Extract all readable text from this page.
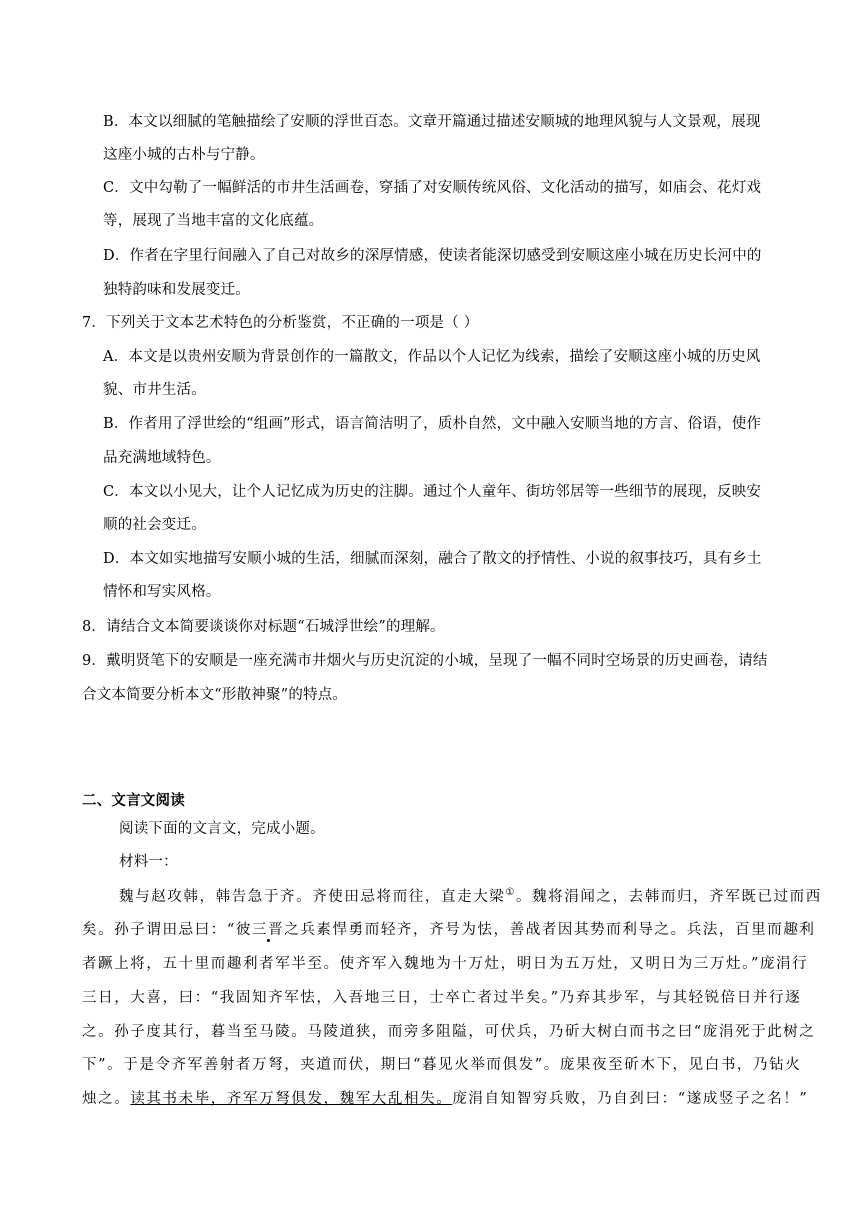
B．本文以细腻的笔触描绘了安顺的浮世百态。文章开篇通过描述安顺城的地理风貌与人文景观，展现
这座小城的古朴与宁静。
C．文中勾勒了一幅鲜活的市井生活画卷，穿插了对安顺传统风俗、文化活动的描写，如庙会、花灯戏
等，展现了当地丰富的文化底蕴。
D．作者在字里行间融入了自己对故乡的深厚情感，使读者能深切感受到安顺这座小城在历史长河中的
独特韵味和发展变迁。
7．下列关于文本艺术特色的分析鉴赏，不正确的一项是（ ）
A．本文是以贵州安顺为背景创作的一篇散文，作品以个人记忆为线索，描绘了安顺这座小城的历史风
貌、市井生活。
B．作者用了浮世绘的“组画”形式，语言简洁明了，质朴自然，文中融入安顺当地的方言、俗语，使作
品充满地域特色。
C．本文以小见大，让个人记忆成为历史的注脚。通过个人童年、街坊邻居等一些细节的展现，反映安
顺的社会变迁。
D．本文如实地描写安顺小城的生活，细腻而深刻，融合了散文的抒情性、小说的叙事技巧，具有乡土
情怀和写实风格。
8．请结合文本简要谈谈你对标题“石城浮世绘”的理解。
9．戴明贤笔下的安顺是一座充满市井烟火与历史沉淀的小城，呈现了一幅不同时空场景的历史画卷，请结
合文本简要分析本文“形散神聚”的特点。
二、文言文阅读
阅读下面的文言文，完成小题。
材料一：
魏与赵攻韩，韩告急于齐。齐使田忌将而往，直走大梁①。魏将涓闻之，去韩而归，齐军既已过而西
矣。孙子谓田忌曰：“彼三晋之兵素悍勇而轻齐，齐号为怯，善战者因其势而利导之。兵法，百里而趣利
者蹶上将，五十里而趣利者军半至。使齐军入魏地为十万灶，明日为五万灶，又明日为三万灶。”庞涓行
三日，大喜，曰：“我固知齐军怯，入吾地三日，士卒亡者过半矣。”乃弃其步军，与其轻锐倍日并行逐
之。孙子度其行，暮当至马陵。马陵道狭，而旁多阻隘，可伏兵，乃斫大树白而书之曰“庞涓死于此树之
下”。于是令齐军善射者万弩，夹道而伏，期曰“暮见火举而俱发”。庞果夜至斫木下，见白书，乃钻火
烛之。读其书未毕，齐军万弩俱发，魏军大乱相失。庞涓自知智穷兵败，乃自刭曰：“遂成竖子之名！”
